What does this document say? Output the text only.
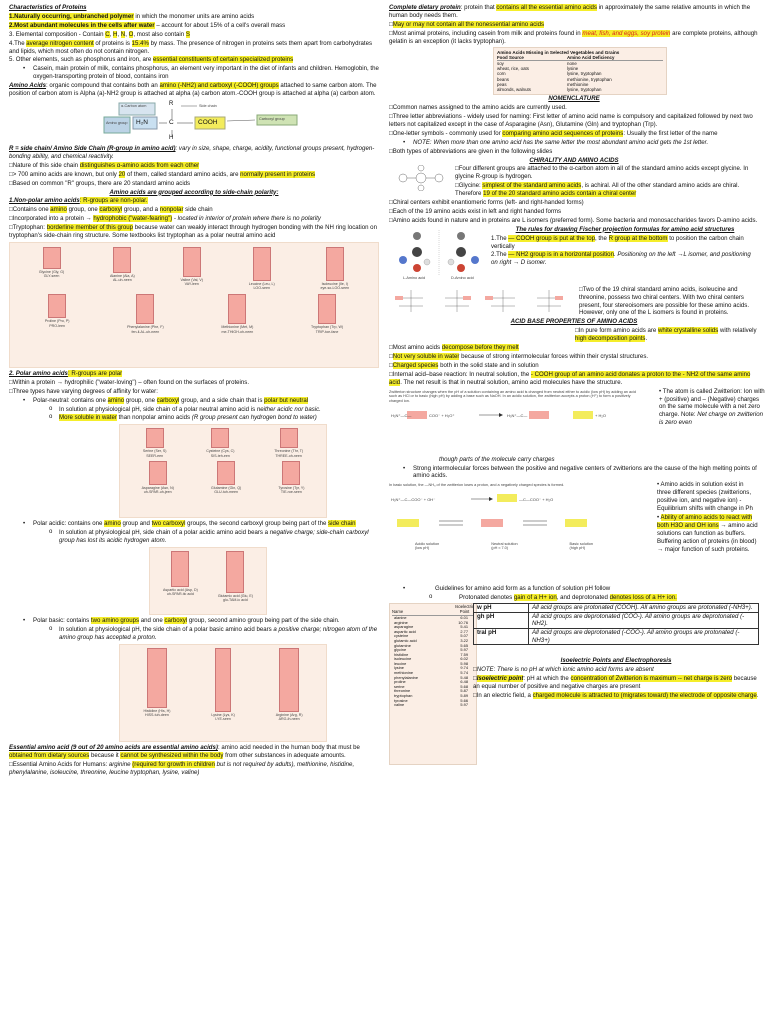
Characteristics of Proteins

1.Naturally occurring, unbranched polymer in which the monomer units are amino acids

2.Most abundant molecules in the cells after water – account for about 15% of a cell's overall mass

3. Elemental composition - Contain C, H, N, O, most also contain S

4.The average nitrogen content of proteins is 15.4% by mass. The presence of nitrogen in proteins sets them apart from carbohydrates and lipids, which most often do not contain nitrogen.

5. Other elements, such as phosphorus and iron, are essential constituents of certain specialized proteins

• Casein, main protein of milk, contains phosphorus, an element very important in the diet of infants and children. Hemoglobin, the oxygen-transporting protein of blood, contains iron

Amino Acids: organic compound that contains both an amino (-NH2) and carboxyl (-COOH) groups attached to same carbon atom. The position of carbon atom is Alpha (a)-NH2 group is attached at alpha (a) carbon atom.-COOH group is attached at alpha (a) carbon atom.

α-Carbon atom
Amino group
Side chain
Carboxyl group
R
H₂N	C	COOH
H

R = side chain/ Amino Side Chain (R-group in amino acid): vary in size, shape, charge, acidity, functional groups present, hydrogen-bonding ability, and chemical reactivity.

□Nature of this side chain distinguishes α-amino acids from each other

□> 700 amino acids are known, but only 20 of them, called standard amino acids, are normally present in proteins

□Based on common "R" groups, there are 20 standard amino acids

Amino acids are grouped according to side-chain polarity:

1.Non-polar amino acids: R-groups are non-polar.

□Contains one amino group, one carboxyl group, and a nonpolar side chain

□Incorporated into a protein → hydrophobic ("water-fearing") - located in interior of protein where there is no polarity

□Tryptophan: borderline member of this group because water can weakly interact through hydrogen bonding with the NH ring location on tryptophan's side-chain ring structure. Some textbooks list tryptophan as a polar neutral amino acid

Glycine (Gly, G)
GLY-seen	Alanine (Ala, A)
AL-uh-neen	Valine (Val, V)
VAY-leen	Leucine (Leu, L)
LOO-seen
Isoleucine (Ile, I)
eye-so-LOO-seen
Proline (Pro, P)
PRO-leen	Phenylalanine (Phe, F)
fen-il-AL-uh-neen
Methionine (Met, M)
me-THIGH-oh-neen
Tryptophan (Trp, W)
TRIP-toe-fane

2. Polar amino acids: R-groups are polar

□Within a protein → hydrophilic ("water-loving") – often found on the surfaces of proteins.

□Three types have varying degrees of affinity for water:

• Polar-neutral: contains one amino group, one carboxyl group, and a side chain that is polar but neutral

o In solution at physiological pH, side chain of a polar neutral amino acid is neither acidic nor basic.

o More soluble in water than nonpolar amino acids (R group present can hydrogen bond to water)

Serine (Ser, S)
SEER-een
Cysteine (Cys, C)
SIS-teh-een
Threonine (Thr, T)
THREE-oh-neen
Asparagine (Asn, N)
uh-SPAR-uh-jeen
Glutamine (Gln, Q)
GLU-tuh-meen
Tyrosine (Tyr, Y)
TIE-roe-seen

• Polar acidic: contains one amino group and two carboxyl groups, the second carboxyl group being part of the side chain

o In solution at physiological pH, side chain of a polar acidic amino acid bears a negative charge; side-chain carboxyl group has lost its acidic hydrogen atom.

Aspartic acid (Asp, D)
uh-SPAR-tic acid	Glutamic acid (Glu, E)
glu-TAM-ic acid

• Polar basic: contains two amino groups and one carboxyl group, second amino group being part of the side chain.

o In solution at physiological pH, the side chain of a polar basic amino acid bears a positive charge; nitrogen atom of the amino group has accepted a proton.

Histidine (His, H)
HISS-tuh-deen	Lysine (Lys, K)
LYE-seen
Arginine (Arg, R)
ARG-ih-neen

Essential amino acid (9 out of 20 amino acids are essential amino acids): amino acid needed in the human body that must be obtained from dietary sources because it cannot be synthesized within the body from other substances in adequate amounts.

□Essential Amino Acids for Humans: arginine (required for growth in children but is not required by adults), methionine, histidine, phenylalanine, isoleucine, threonine, leucine tryptophan, lysine, valine)

Complete dietary protein: protein that contains all the essential amino acids in approximately the same relative amounts in which the human body needs them.

□May or may not contain all the nonessential amino acids

□Most animal proteins, including casein from milk and proteins found in meat, fish, and eggs, soy protein are complete proteins, although gelatin is an exception (it lacks tryptophan).

Amino Acids Missing in Selected Vegetables and Grains
Food Source	Amino Acid Deficiency
soy	none
wheat, rice, oats	lysine
corn	lysine, tryptophan
beans	methionine, tryptophan
peas	methionine
almonds, walnuts	lysine, tryptophan

NOMENCLATURE

□Common names assigned to the amino acids are currently used.

□Three letter abbreviations - widely used for naming: First letter of amino acid name is compulsory and capitalized followed by next two letters not capitalized except in the case of Asparagine (Asn), Glutamine (Gln) and tryptophan (Trp).

□One-letter symbols - commonly used for comparing amino acid sequences of proteins: Usually the first letter of the name

• NOTE: When more than one amino acid has the same letter the most abundant amino acid gets the 1st letter.

□Both types of abbreviations are given in the following slides

CHIRALITY AND AMINO ACIDS

□Four different groups are attached to the α-carbon atom in all of the standard amino acids except glycine. In glycine R-group is hydrogen.

□Glycine: simplest of the standard amino acids, is achiral. All of the other standard amino acids are chiral. Therefore 19 of the 20 standard amino acids contain a chiral center

□Chiral centers exhibit enantiomeric forms (left- and right-handed forms)

□Each of the 19 amino acids exist in left and right handed forms

□Amino acids found in nature and in proteins are L isomers (preferred form). Some bacteria and monosaccharides favors D-amino acids.

L-Amino acid	D-Amino acid

The rules for drawing Fischer projection formulas for amino acid structures

1.The — COOH group is put at the top, the R group at the bottom to position the carbon chain vertically

2.The — NH2 group is in a horizontal position. Positioning on the left →L isomer, and positioning on right → D isomer.

□Two of the 19 chiral standard amino acids, isoleucine and threonine, possess two chiral centers. With two chiral centers present, four stereoisomers are possible for these amino acids. However, only one of the L isomers is found in proteins.

ACID BASE PROPERTIES OF AMINO ACIDS

□In pure form amino acids are white crystalline solids with relatively high decomposition points.

□Most amino acids decompose before they melt

□Not very soluble in water because of strong intermolecular forces within their crystal structures.

□Charged species both in the solid state and in solution

□Internal acid–base reaction: In neutral solution, the - COOH group of an amino acid donates a proton to the - NH2 of the same amino acid. The net result is that in neutral solution, amino acid molecules have the structure.

Zwitterion structure changes when the pH of a solution containing an amino acid is changed from neutral either to acidic (low pH) by adding an acid such as HCl or to basic (high pH) by adding a base such as NaOH. In an acidic solution, the zwitterion accepts a proton (H⁺) to form a positively charged ion.

H₃N⁺—C—	COO⁻ + H₃O⁺	H₃N⁺—C—	+ H₂O

• The atom is called Zwitterion: Ion with + (positive) and – (Negative) charges on the same molecule with a net zero charge. Note: Net charge on zwitterion is zero even

though parts of the molecule carry charges

• Strong intermolecular forces between the positive and negative centers of zwitterions are the cause of the high melting points of amino acids.

In basic solution, the —NH₃ of the zwitterion loses a proton, and a negatively charged species is formed.

H₃N⁺—C—COO⁻ + OH⁻	—C—COO⁻ + H₂O

Acidic solution
(low pH)
Neutral solution
(pH ≈ 7.0)
Basic solution
(high pH)

• Amino acids in solution exist in three different species (zwitterions, positive ion, and negative ion) - Equilibrium shifts with change in Ph

• Ability of amino acids to react with both H3O and OH ions → amino acid solutions can function as buffers. Buffering action of proteins (in blood) → major function of such proteins.

• Guidelines for amino acid form as a function of solution pH follow

o Protonated denotes gain of a H+ ion, and deprotonated denotes loss of a H+ ion.

Name
Isoelectric
Point
alanine	6.01
arginine	10.76
asparagine	5.41
aspartic acid	2.77
cysteine	5.07
glutamic acid	3.22
glutamine	5.65
glycine	5.97
histidine	7.59
isoleucine	6.02
leucine	5.98
lysine	9.74
methionine	5.74
phenylalanine	5.48
proline	6.48
serine	5.68
threonine	5.87
tryptophan	5.89
tyrosine	5.66
valine	5.97
w pH	All acid groups are protonated (COOH). All amino groups are protonated (-NH3+).
gh pH	All acid groups are deprotonated (COO-). All amino groups are deprotonated (-NH2).
tral pH	All acid groups are deprotonated (-COO-). All amino groups are protonated (-NH3+)

Isoelectric Points and Electrophoresis

□NOTE: There is no pH at which ionic amino acid forms are absent

□Isoelectric point: pH at which the concentration of Zwitterion is maximum -- net charge is zero because an equal number of positive and negative charges are present

□In an electric field, a charged molecule is attracted to (migrates toward) the electrode of opposite charge.
